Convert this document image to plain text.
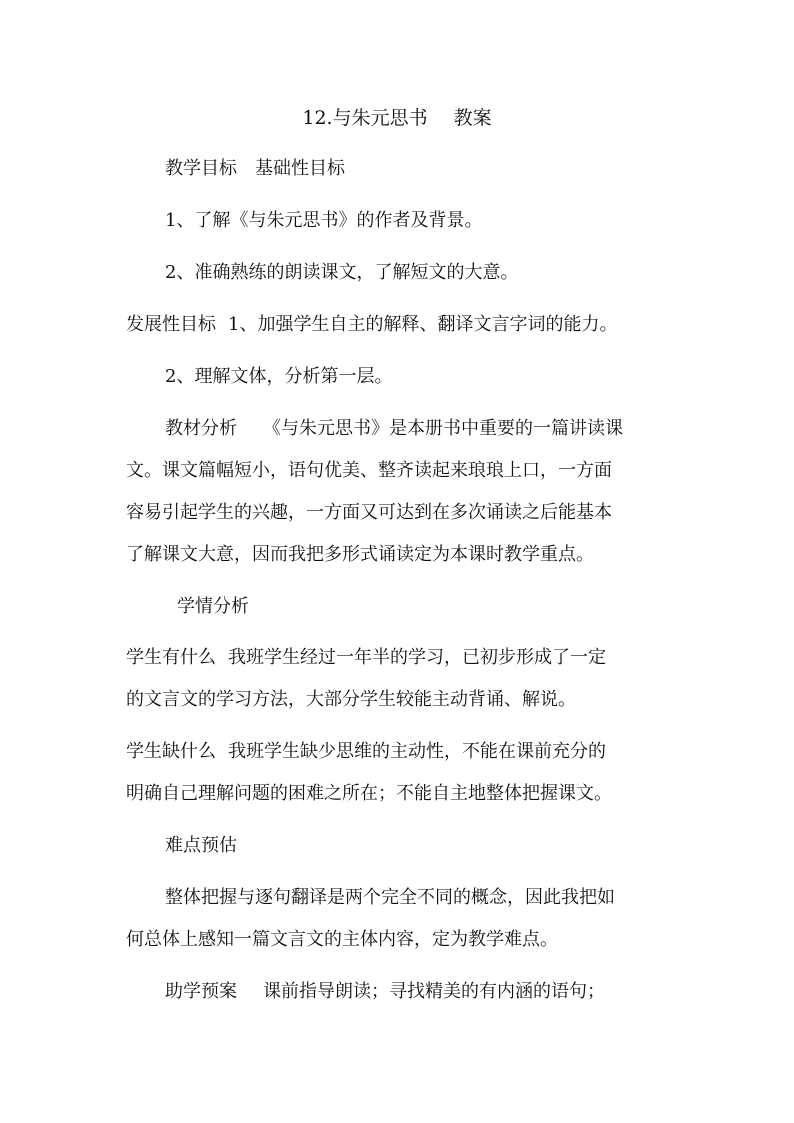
12.与朱元思书 教案
教学目标 基础性目标
1、了解《与朱元思书》的作者及背景。
2、准确熟练的朗读课文，了解短文的大意。
发展性目标 1、加强学生自主的解释、翻译文言字词的能力。
2、理解文体，分析第一层。
教材分析 《与朱元思书》是本册书中重要的一篇讲读课
文。课文篇幅短小，语句优美、整齐读起来琅琅上口，一方面
容易引起学生的兴趣，一方面又可达到在多次诵读之后能基本
了解课文大意，因而我把多形式诵读定为本课时教学重点。
学情分析
学生有什么 我班学生经过一年半的学习，已初步形成了一定
的文言文的学习方法，大部分学生较能主动背诵、解说。
学生缺什么 我班学生缺少思维的主动性，不能在课前充分的
明确自己理解问题的困难之所在；不能自主地整体把握课文。
难点预估
整体把握与逐句翻译是两个完全不同的概念，因此我把如
何总体上感知一篇文言文的主体内容，定为教学难点。
助学预案 课前指导朗读；寻找精美的有内涵的语句；
